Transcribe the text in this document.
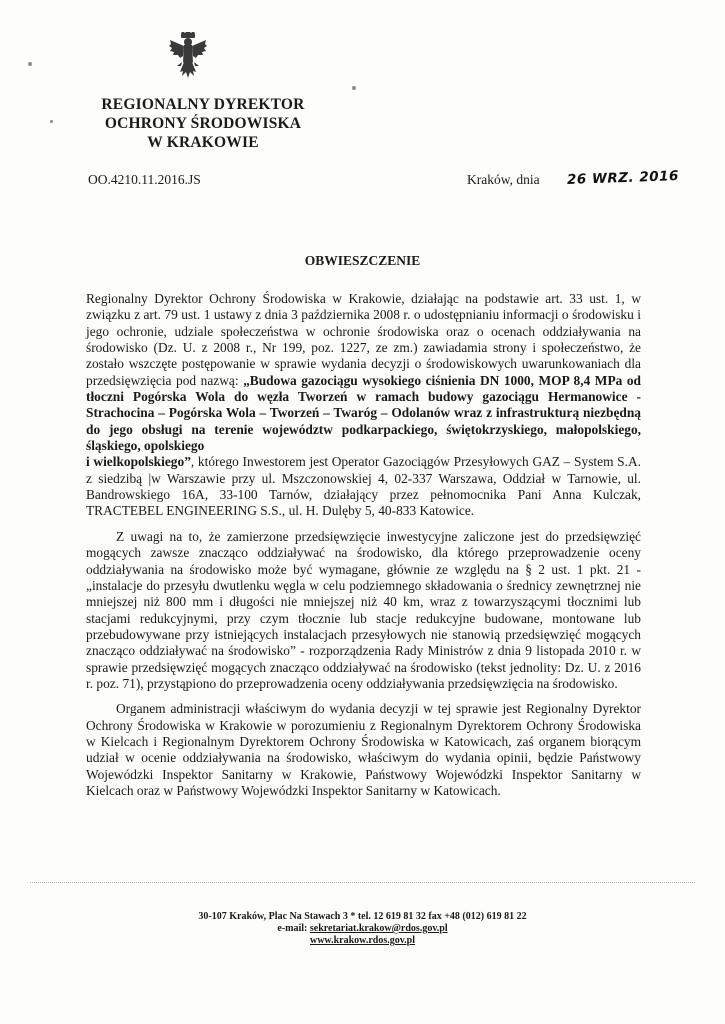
REGIONALNY DYREKTOR
OCHRONY ŚRODOWISKA
W KRAKOWIE
OO.4210.11.2016.JS	Kraków, dnia 26 WRZ. 2016
OBWIESZCZENIE

Regionalny Dyrektor Ochrony Środowiska w Krakowie, działając na podstawie art. 33 ust. 1, w związku z art. 79 ust. 1 ustawy z dnia 3 października 2008 r. o udostępnianiu informacji o środowisku i jego ochronie, udziale społeczeństwa w ochronie środowiska oraz o ocenach oddziaływania na środowisko (Dz. U. z 2008 r., Nr 199, poz. 1227, ze zm.) zawiadamia strony i społeczeństwo, że zostało wszczęte postępowanie w sprawie wydania decyzji o środowiskowych uwarunkowaniach dla przedsięwzięcia pod nazwą: „Budowa gazociągu wysokiego ciśnienia DN 1000, MOP 8,4 MPa od tłoczni Pogórska Wola do węzła Tworzeń w ramach budowy gazociągu Hermanowice - Strachocina – Pogórska Wola – Tworzeń – Twaróg – Odolanów wraz z infrastrukturą niezbędną do jego obsługi na terenie województw podkarpackiego, świętokrzyskiego, małopolskiego, śląskiego, opolskiego
i wielkopolskiego”, którego Inwestorem jest Operator Gazociągów Przesyłowych GAZ – System S.A. z siedzibą |w Warszawie przy ul. Mszczonowskiej 4, 02-337 Warszawa, Oddział w Tarnowie, ul. Bandrowskiego 16A, 33-100 Tarnów, działający przez pełnomocnika Pani Anna Kulczak, TRACTEBEL ENGINEERING S.S., ul. H. Dulęby 5, 40-833 Katowice.

Z uwagi na to, że zamierzone przedsięwzięcie inwestycyjne zaliczone jest do przedsięwzięć mogących zawsze znacząco oddziaływać na środowisko, dla którego przeprowadzenie oceny oddziaływania na środowisko może być wymagane, głównie ze względu na § 2 ust. 1 pkt. 21 - „instalacje do przesyłu dwutlenku węgla w celu podziemnego składowania o średnicy zewnętrznej nie mniejszej niż 800 mm i długości nie mniejszej niż 40 km, wraz z towarzyszącymi tłocznimi lub stacjami redukcyjnymi, przy czym tłocznie lub stacje redukcyjne budowane, montowane lub przebudowywane przy istniejących instalacjach przesyłowych nie stanowią przedsięwzięć mogących znacząco oddziaływać na środowisko” - rozporządzenia Rady Ministrów z dnia 9 listopada 2010 r. w sprawie przedsięwzięć mogących znacząco oddziaływać na środowisko (tekst jednolity: Dz. U. z 2016 r. poz. 71), przystąpiono do przeprowadzenia oceny oddziaływania przedsięwzięcia na środowisko.

Organem administracji właściwym do wydania decyzji w tej sprawie jest Regionalny Dyrektor Ochrony Środowiska w Krakowie w porozumieniu z Regionalnym Dyrektorem Ochrony Środowiska w Kielcach i Regionalnym Dyrektorem Ochrony Środowiska w Katowicach, zaś organem biorącym udział w ocenie oddziaływania na środowisko, właściwym do wydania opinii, będzie Państwowy Wojewódzki Inspektor Sanitarny w Krakowie, Państwowy Wojewódzki Inspektor Sanitarny w Kielcach oraz w Państwowy Wojewódzki Inspektor Sanitarny w Katowicach.

30-107 Kraków, Plac Na Stawach 3 * tel. 12 619 81 32 fax +48 (012) 619 81 22
e-mail: sekretariat.krakow@rdos.gov.pl
www.krakow.rdos.gov.pl
